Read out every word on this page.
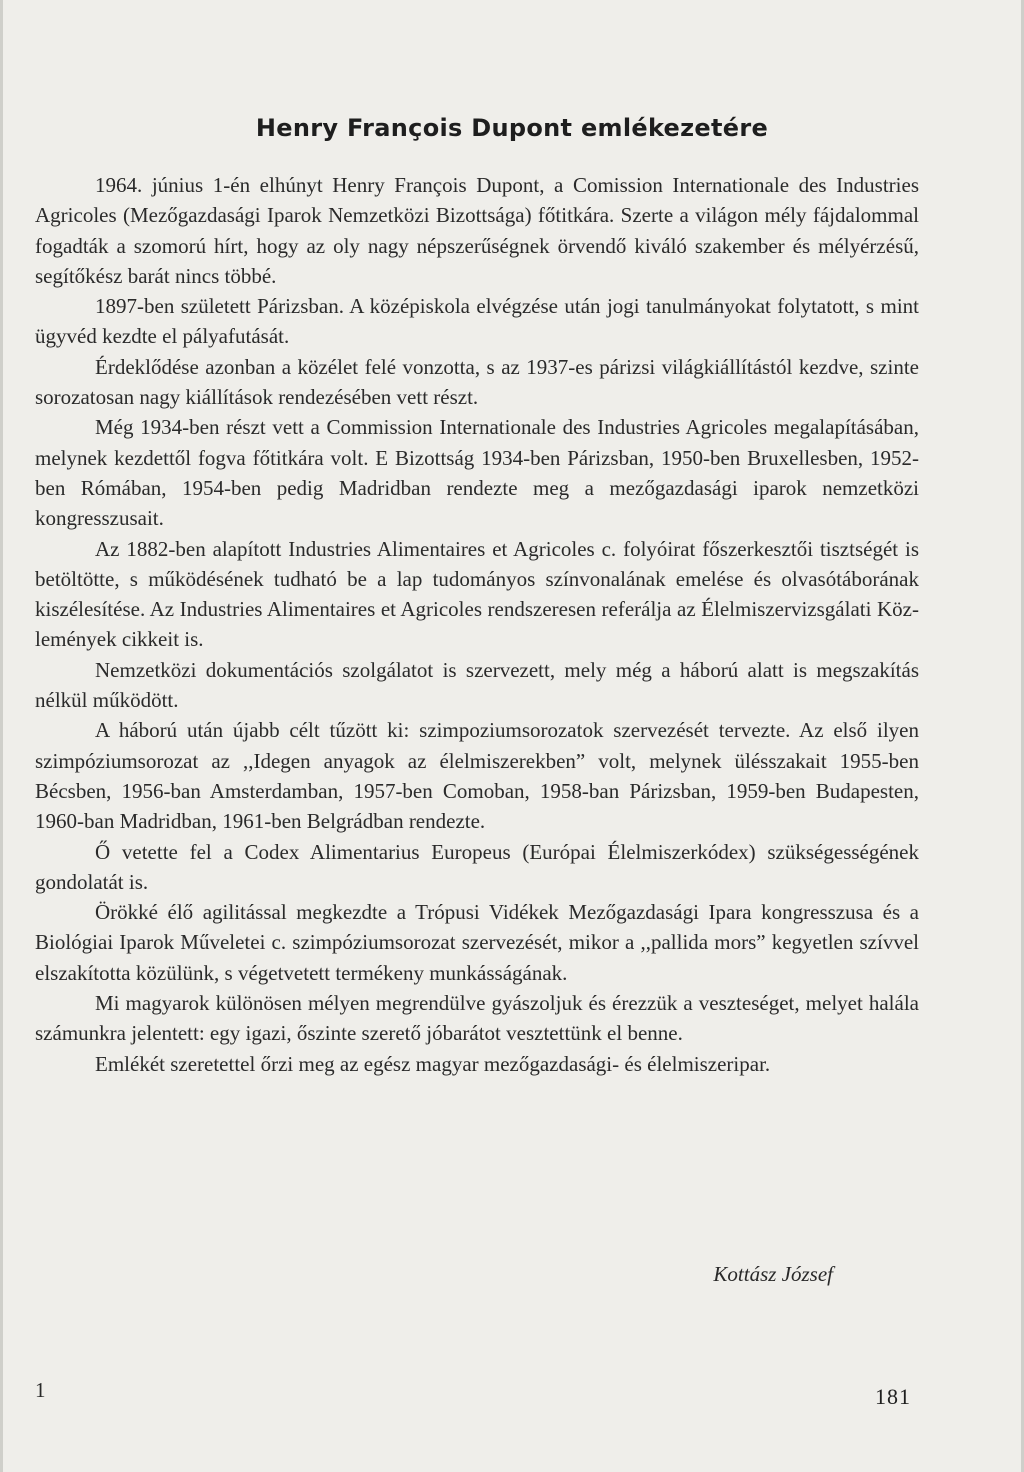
Henry François Dupont emlékezetére

1964. június 1-én elhúnyt Henry François Dupont, a Comission Internationale des Industries Agricoles (Mezőgazdasági Iparok Nemzetközi Bizottsága) főtitkára. Szerte a világon mély fájdalommal fogadták a szomorú hírt, hogy az oly nagy népszerűségnek örvendő kiváló szakember és mélyérzésű, segítőkész barát nincs többé.

1897-ben született Párizsban. A középiskola elvégzése után jogi tanulmányokat folytatott, s mint ügyvéd kezdte el pályafutását.

Érdeklődése azonban a közélet felé vonzotta, s az 1937-es párizsi világkiállítástól kezdve, szinte sorozatosan nagy kiállítások rendezésében vett részt.

Még 1934-ben részt vett a Commission Internationale des Industries Agricoles megalapításában, melynek kezdettől fogva főtitkára volt. E Bizottság 1934-ben Párizsban, 1950-ben Bruxellesben, 1952-ben Rómában, 1954-ben pedig Madridban rendezte meg a mezőgazdasági iparok nemzetközi kongresszusait.

Az 1882-ben alapított Industries Alimentaires et Agricoles c. folyóirat főszerkesztői tisztségét is betöltötte, s működésének tudható be a lap tudományos színvonalának emelése és olvasótáborának kiszélesítése. Az Industries Alimentaires et Agricoles rendszeresen referálja az Élelmiszervizsgálati Közlemények cikkeit is.

Nemzetközi dokumentációs szolgálatot is szervezett, mely még a háború alatt is megszakítás nélkül működött.

A háború után újabb célt tűzött ki: szimpoziumsorozatok szervezését tervezte. Az első ilyen szimpóziumsorozat az ,,Idegen anyagok az élelmiszerekben” volt, melynek ülésszakait 1955-ben Bécsben, 1956-ban Amsterdamban, 1957-ben Comoban, 1958-ban Párizsban, 1959-ben Budapesten, 1960-ban Madridban, 1961-ben Belgrádban rendezte.

Ő vetette fel a Codex Alimentarius Europeus (Európai Élelmiszerkódex) szükségességének gondolatát is.

Örökké élő agilitással megkezdte a Trópusi Vidékek Mezőgazdasági Ipara kongresszusa és a Biológiai Iparok Műveletei c. szimpóziumsorozat szervezését, mikor a ,,pallida mors” kegyetlen szívvel elszakította közülünk, s végetvetett termékeny munkásságának.

Mi magyarok különösen mélyen megrendülve gyászoljuk és érezzük a veszteséget, melyet halála számunkra jelentett: egy igazi, őszinte szerető jóbarátot vesztettünk el benne.

Emlékét szeretettel őrzi meg az egész magyar mezőgazdasági- és élelmiszeripar.

Kottász József
1	181
